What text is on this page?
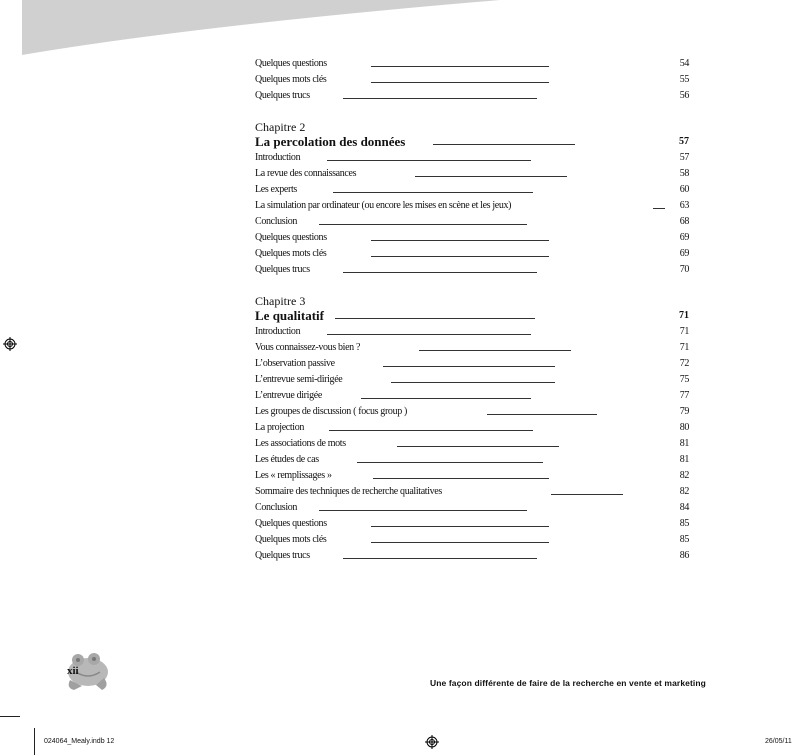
Quelques questions	54
Quelques mots clés	55
Quelques trucs	56
Chapitre 2
La percolation des données	57
Introduction	57
La revue des connaissances	58
Les experts	60
La simulation par ordinateur (ou encore les mises en scène et les jeux)	63
Conclusion	68
Quelques questions	69
Quelques mots clés	69
Quelques trucs	70
Chapitre 3
Le qualitatif	71
Introduction	71
Vous connaissez-vous bien ?	71
L’observation passive	72
L’entrevue semi-dirigée	75
L’entrevue dirigée	77
Les groupes de discussion ( focus group )	79
La projection	80
Les associations de mots	81
Les études de cas	81
Les « remplissages »	82
Sommaire des techniques de recherche qualitatives	82
Conclusion	84
Quelques questions	85
Quelques mots clés	85
Quelques trucs	86
xii
Une façon différente de faire de la recherche en vente et marketing
024064_Mealy.indb 12	26/05/11
